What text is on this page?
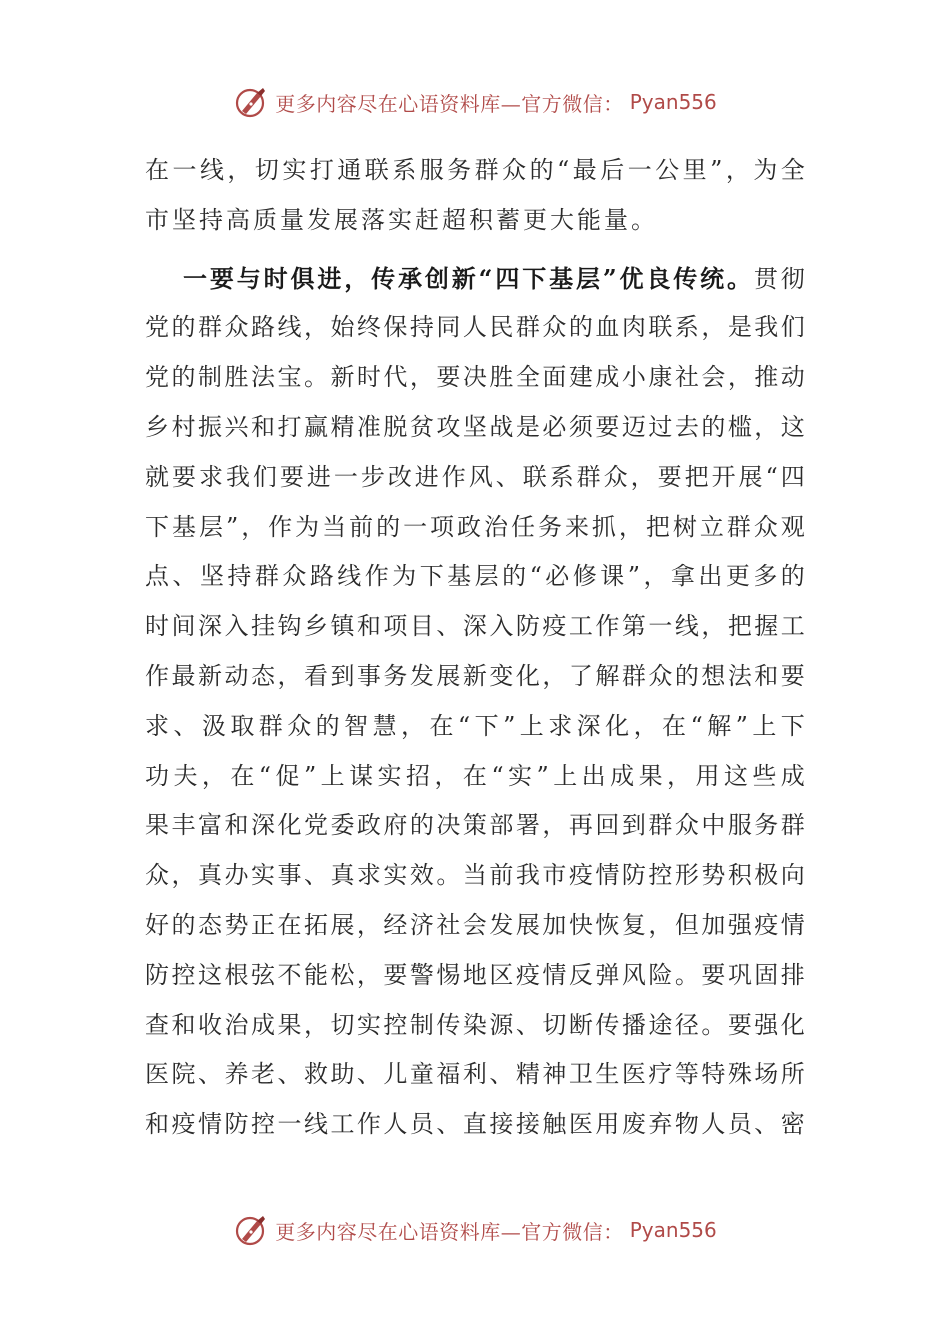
更多内容尽在心语资料库—官方微信： Pyan556
在一线，切实打通联系服务群众的“最后一公里”，为全
市坚持高质量发展落实赶超积蓄更大能量。
一要与时俱进，传承创新“四下基层”优良传统。贯彻
党的群众路线，始终保持同人民群众的血肉联系，是我们
党的制胜法宝。新时代，要决胜全面建成小康社会，推动
乡村振兴和打赢精准脱贫攻坚战是必须要迈过去的槛，这
就要求我们要进一步改进作风、联系群众，要把开展“四
下基层”，作为当前的一项政治任务来抓，把树立群众观
点、坚持群众路线作为下基层的“必修课”，拿出更多的
时间深入挂钩乡镇和项目、深入防疫工作第一线，把握工
作最新动态，看到事务发展新变化，了解群众的想法和要
求、汲取群众的智慧，在“下”上求深化，在“解”上下
功夫，在“促”上谋实招，在“实”上出成果，用这些成
果丰富和深化党委政府的决策部署，再回到群众中服务群
众，真办实事、真求实效。当前我市疫情防控形势积极向
好的态势正在拓展，经济社会发展加快恢复，但加强疫情
防控这根弦不能松，要警惕地区疫情反弹风险。要巩固排
查和收治成果，切实控制传染源、切断传播途径。要强化
医院、养老、救助、儿童福利、精神卫生医疗等特殊场所
和疫情防控一线工作人员、直接接触医用废弃物人员、密
更多内容尽在心语资料库—官方微信： Pyan556
